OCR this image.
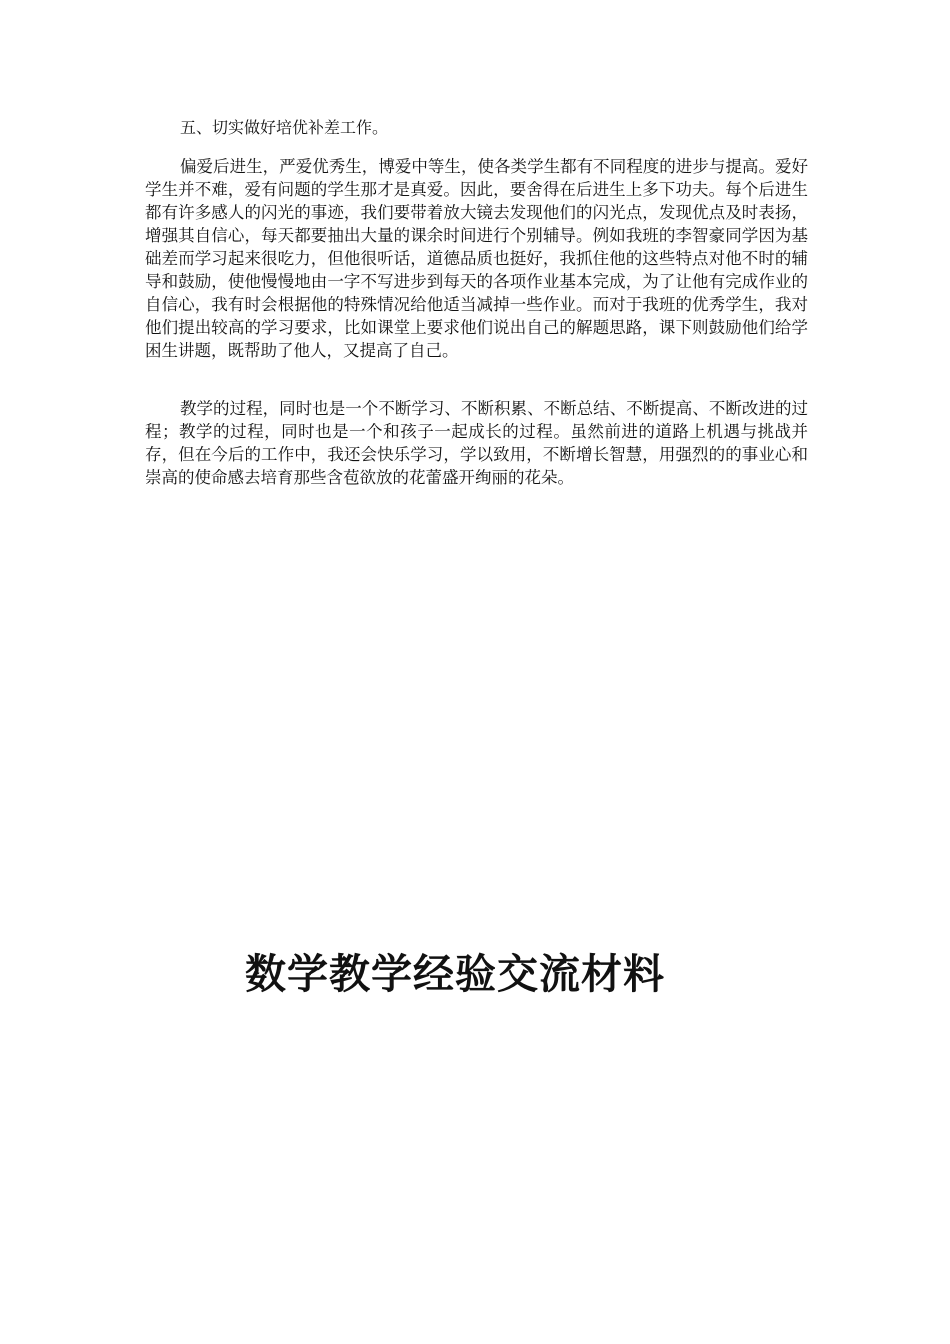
五、切实做好培优补差工作。

偏爱后进生，严爱优秀生，博爱中等生，使各类学生都有不同程度的进步与提高。爱好学生并不难，爱有问题的学生那才是真爱。因此，要舍得在后进生上多下功夫。每个后进生都有许多感人的闪光的事迹，我们要带着放大镜去发现他们的闪光点，发现优点及时表扬，增强其自信心，每天都要抽出大量的课余时间进行个别辅导。例如我班的李智豪同学因为基础差而学习起来很吃力，但他很听话，道德品质也挺好，我抓住他的这些特点对他不时的辅导和鼓励，使他慢慢地由一字不写进步到每天的各项作业基本完成，为了让他有完成作业的自信心，我有时会根据他的特殊情况给他适当减掉一些作业。而对于我班的优秀学生，我对他们提出较高的学习要求，比如课堂上要求他们说出自己的解题思路，课下则鼓励他们给学困生讲题，既帮助了他人，又提高了自己。

教学的过程，同时也是一个不断学习、不断积累、不断总结、不断提高、不断改进的过程；教学的过程，同时也是一个和孩子一起成长的过程。虽然前进的道路上机遇与挑战并存，但在今后的工作中，我还会快乐学习，学以致用，不断增长智慧，用强烈的的事业心和崇高的使命感去培育那些含苞欲放的花蕾盛开绚丽的花朵。

数学教学经验交流材料
